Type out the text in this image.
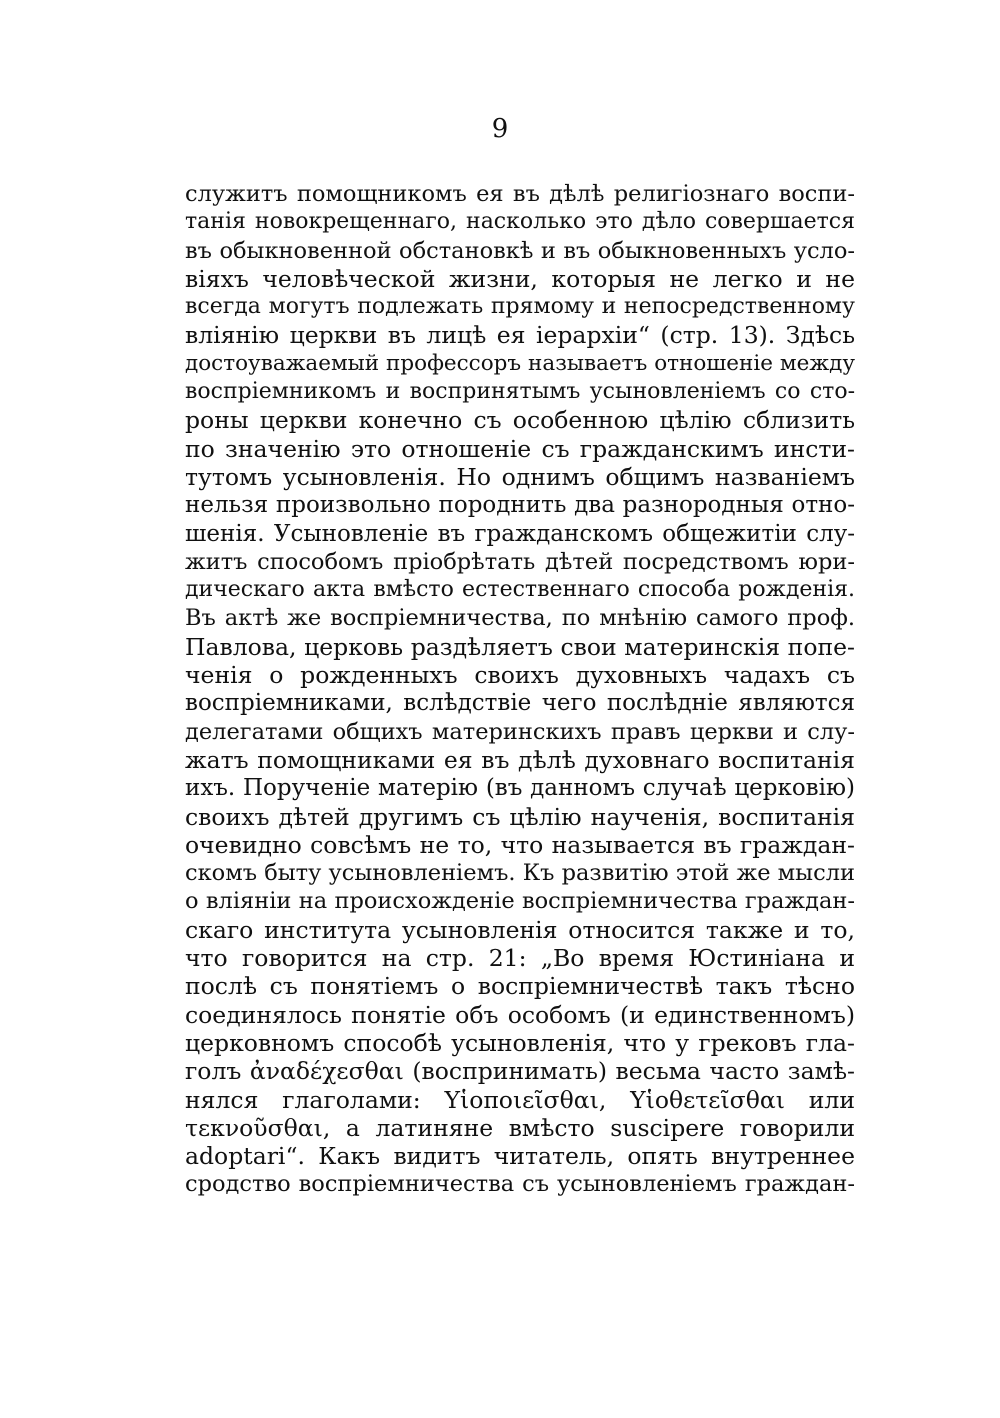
9
служитъ помощникомъ ея въ дѣлѣ религiознаго воспи-
танiя новокрещеннаго, насколько это дѣло совершается
въ обыкновенной обстановкѣ и въ обыкновенныхъ усло-
вiяхъ человѣческой жизни, которыя не легко и не
всегда могутъ подлежать прямому и непосредственному
влiянiю церкви въ лицѣ ея iерархiи“ (стр. 13). Здѣсь
достоуважаемый профессоръ называетъ отношенiе между
воспрiемникомъ и воспринятымъ усыновленiемъ со сто-
роны церкви конечно съ особенною цѣлiю сблизить
по значенiю это отношенiе съ гражданскимъ инсти-
тутомъ усыновленiя. Но однимъ общимъ названiемъ
нельзя произвольно породнить два разнородныя отно-
шенiя. Усыновленiе въ гражданскомъ общежитiи слу-
житъ способомъ прiобрѣтать дѣтей посредствомъ юри-
дическаго акта вмѣсто естественнаго способа рожденiя.
Въ актѣ же воспрiемничества, по мнѣнiю самого проф.
Павлова, церковь раздѣляетъ свои материнскiя попе-
ченiя о рожденныхъ своихъ духовныхъ чадахъ съ
воспрiемниками, вслѣдствiе чего послѣднiе являются
делегатами общихъ материнскихъ правъ церкви и слу-
жатъ помощниками ея въ дѣлѣ духовнаго воспитанiя
ихъ. Порученiе матерiю (въ данномъ случаѣ церковiю)
своихъ дѣтей другимъ съ цѣлiю наученiя, воспитанiя
очевидно совсѣмъ не то, что называется въ граждан-
скомъ быту усыновленiемъ. Къ развитiю этой же мысли
о влiянiи на происхожденiе воспрiемничества граждан-
скаго института усыновленiя относится также и то,
что говорится на стр. 21: „Во время Юстинiана и
послѣ съ понятiемъ о воспрiемничествѣ такъ тѣсно
соединялось понятiе объ особомъ (и единственномъ)
церковномъ способѣ усыновленiя, что у грековъ гла-
голъ ἀναδέχεσθαι (воспринимать) весьма часто замѣ-
нялся глаголами: Υἱοποιεῖσθαι, Υἱοθετεῖσθαι или
τεκνοῦσθαι, а латиняне вмѣсто suscipere говорили
adoptari“. Какъ видитъ читатель, опять внутреннее
сродство воспрiемничества съ усыновленiемъ граждан-
